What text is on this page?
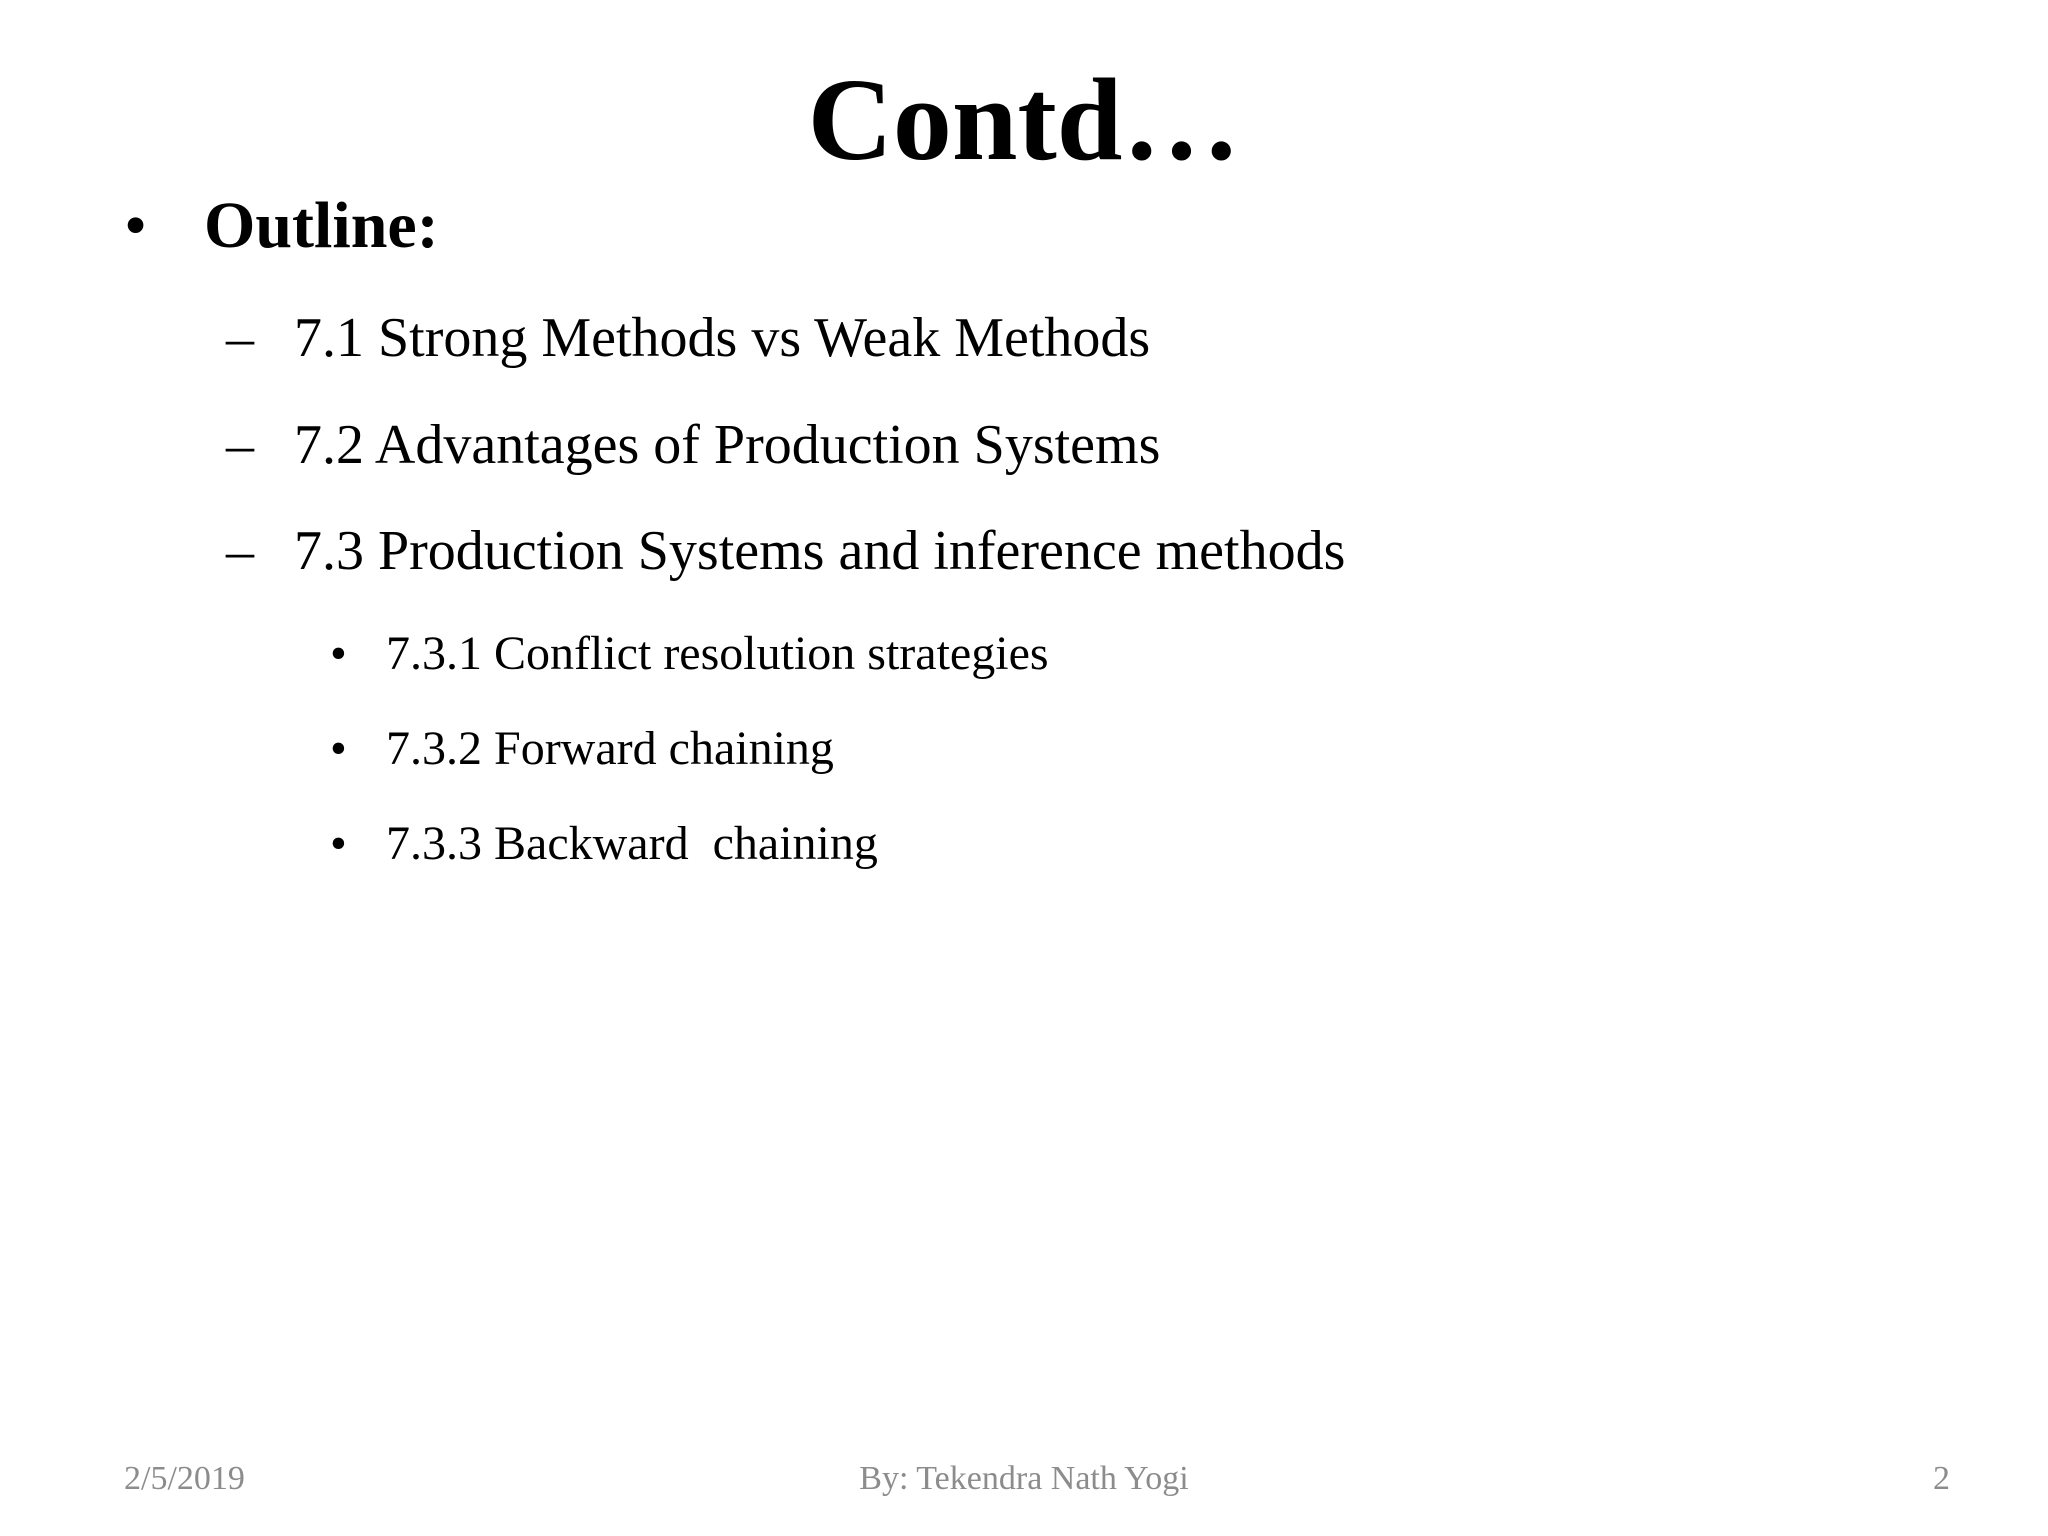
Contd…
• Outline:
– 7.1 Strong Methods vs Weak Methods
– 7.2 Advantages of Production Systems
– 7.3 Production Systems and inference methods
• 7.3.1 Conflict resolution strategies
• 7.3.2 Forward chaining
• 7.3.3 Backward  chaining
2/5/2019	By: Tekendra Nath Yogi	2
